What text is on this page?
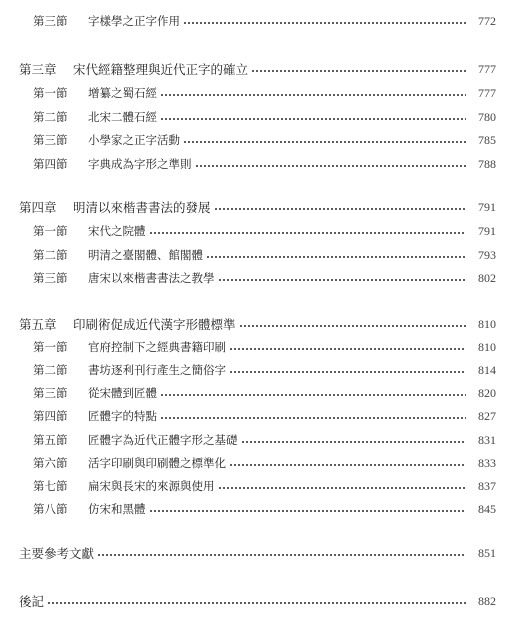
第三節	字樣學之正字作用	772
第三章	宋代經籍整理與近代正字的確立	777
第一節	增纂之蜀石經	777
第二節	北宋二體石經	780
第三節	小學家之正字活動	785
第四節	字典成為字形之準則	788
第四章	明清以來楷書書法的發展	791
第一節	宋代之院體	791
第二節	明清之臺閣體、館閣體	793
第三節	唐宋以來楷書書法之教學	802
第五章	印刷術促成近代漢字形體標準	810
第一節	官府控制下之經典書籍印刷	810
第二節	書坊逐利刊行產生之簡俗字	814
第三節	從宋體到匠體	820
第四節	匠體字的特點	827
第五節	匠體字為近代正體字形之基礎	831
第六節	活字印刷與印刷體之標準化	833
第七節	扁宋與長宋的來源與使用	837
第八節	仿宋和黑體	845
主要參考文獻	851
後記	882
